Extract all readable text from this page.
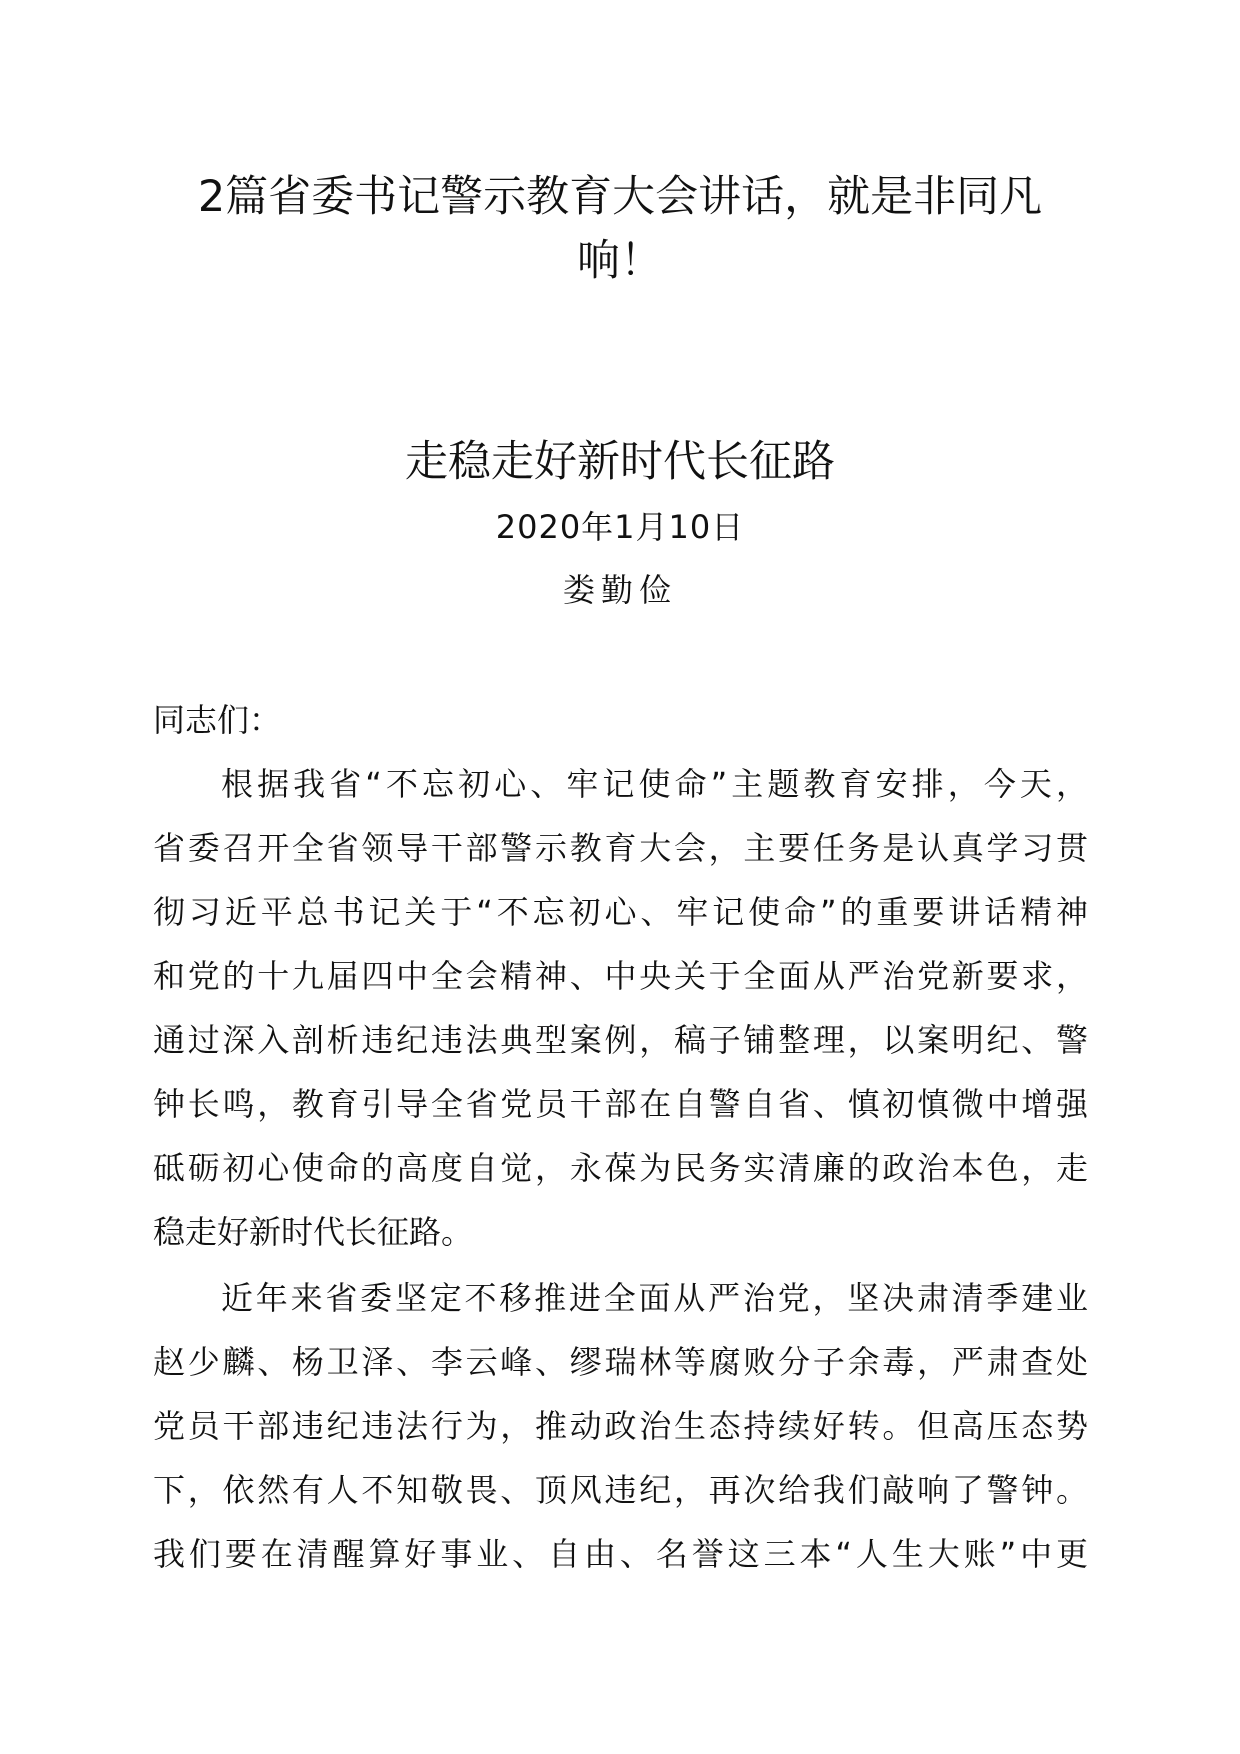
2篇省委书记警示教育大会讲话，就是非同凡
响！
走稳走好新时代长征路
2020年1月10日
娄勤俭
同志们：
根据我省“不忘初心、牢记使命”主题教育安排，今天，
省委召开全省领导干部警示教育大会，主要任务是认真学习贯
彻习近平总书记关于“不忘初心、牢记使命”的重要讲话精神
和党的十九届四中全会精神、中央关于全面从严治党新要求，
通过深入剖析违纪违法典型案例，稿子铺整理，以案明纪、警
钟长鸣，教育引导全省党员干部在自警自省、慎初慎微中增强
砥砺初心使命的高度自觉，永葆为民务实清廉的政治本色，走
稳走好新时代长征路。
近年来省委坚定不移推进全面从严治党，坚决肃清季建业
赵少麟、杨卫泽、李云峰、缪瑞林等腐败分子余毒，严肃查处
党员干部违纪违法行为，推动政治生态持续好转。但高压态势
下，依然有人不知敬畏、顶风违纪，再次给我们敲响了警钟。
我们要在清醒算好事业、自由、名誉这三本“人生大账”中更
